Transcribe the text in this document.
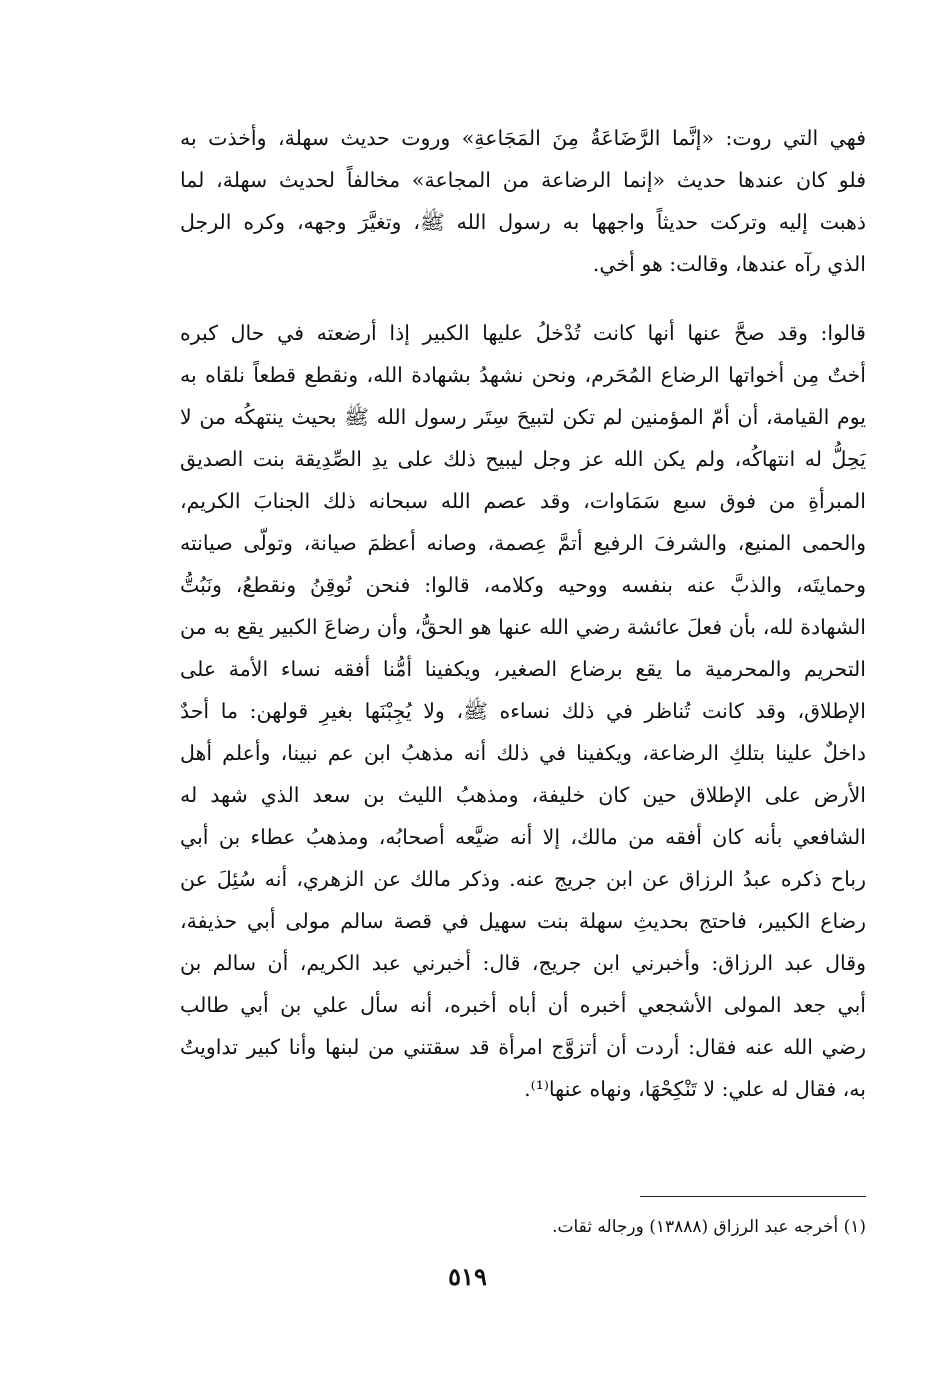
فهي التي روت: «إنَّما الرَّضَاعَةُ مِنَ المَجَاعةِ» وروت حديث سهلة، وأخذت به
فلو كان عندها حديث «إنما الرضاعة من المجاعة» مخالفاً لحديث سهلة، لما
ذهبت إليه وتركت حديثاً واجهها به رسول الله ﷺ، وتغيَّرَ وجهه، وكره الرجل
الذي رآه عندها، وقالت: هو أخي.
قالوا: وقد صحَّ عنها أنها كانت تُدْخلُ عليها الكبير إذا أرضعته في حال كبره
أختٌ مِن أخواتها الرضاع المُحَرم، ونحن نشهدُ بشهادة الله، ونقطع قطعاً نلقاه به
يوم القيامة، أن أمّ المؤمنين لم تكن لتبيحَ سِتَر رسول الله ﷺ بحيث ينتهكُه من لا
يَحِلُّ له انتهاكُه، ولم يكن الله عز وجل ليبيح ذلك على يدِ الصِّدِيقة بنت الصديق
المبرأةِ من فوق سبع سَمَاوات، وقد عصم الله سبحانه ذلك الجنابَ الكريم،
والحمى المنيع، والشرفَ الرفيع أتمَّ عِصمة، وصانه أعظمَ صيانة، وتولّى صيانته
وحمايتَه، والذبَّ عنه بنفسه ووحيه وكلامه، قالوا: فنحن نُوقِنُ ونقطعُ، ونَبُتُّ
الشهادة لله، بأن فعلَ عائشة رضي الله عنها هو الحقُّ، وأن رضاعَ الكبير يقع به من
التحريم والمحرمية ما يقع برضاع الصغير، ويكفينا أمُّنا أفقه نساء الأمة على
الإطلاق، وقد كانت تُناظر في ذلك نساءه ﷺ، ولا يُجِبْنَها بغيرِ قولهن: ما أحدٌ
داخلٌ علينا بتلكِ الرضاعة، ويكفينا في ذلك أنه مذهبُ ابن عم نبينا، وأعلم أهل
الأرض على الإطلاق حين كان خليفة، ومذهبُ الليث بن سعد الذي شهد له
الشافعي بأنه كان أفقه من مالك، إلا أنه ضيَّعه أصحابُه، ومذهبُ عطاء بن أبي
رباح ذكره عبدُ الرزاق عن ابن جريج عنه. وذكر مالك عن الزهري، أنه سُئِلَ عن
رضاع الكبير، فاحتج بحديثِ سهلة بنت سهيل في قصة سالم مولى أبي حذيفة،
وقال عبد الرزاق: وأخبرني ابن جريج، قال: أخبرني عبد الكريم، أن سالم بن
أبي جعد المولى الأشجعي أخبره أن أباه أخبره، أنه سأل علي بن أبي طالب
رضي الله عنه فقال: أردت أن أتزوَّج امرأة قد سقتني من لبنها وأنا كبير تداويتُ
به، فقال له علي: لا تَنْكِحْهَا، ونهاه عنها⁽¹⁾.
(١) أخرجه عبد الرزاق (١٣٨٨٨) ورجاله ثقات.
٥١٩
